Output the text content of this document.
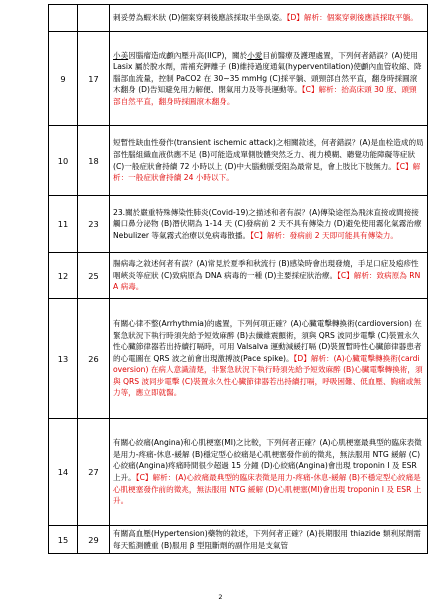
		刺妥勞為蝦米狀 (D)個案穿刺後應該採取半坐臥姿。【D】解析：個案穿刺後應該採取平躺。
9	17	小美因腦瘤造成顱內壓升高(IICP)，關於小愛目前醫療及護理處置，下列何者錯誤？(A)使用 Lasix 屬於脫水劑，需補充鉀離子 (B)維持過度通氣(hyperventilation)使顱內血管收縮、降腦部血流量，控制 PaCO2 在 30~35 mmHg (C)採平躺、頭頸部自然平直，翻身時採圓滾木翻身 (D)告知避免用力解便、閉氣用力及等長運動等。【C】解析：抬高床頭 30 度、頭頸部自然平直，翻身時採圓滾木翻身。
10	18	短暫性缺血性發作(transient ischemic attack)之相關敘述，何者錯誤？(A)是血栓造成的局部性腦組織血液供應不足 (B)可能造成單側肢體突然乏力、視力模糊、聽覺功能障礙等症狀 (C)一般症狀會持續 72 小時以上 (D)中大腦動脈受阻為最常見，會上肢比下肢無力。【C】解析：一般症狀會持續 24 小時以下。
11	23	23.關於嚴重特殊傳染性肺炎(Covid-19)之描述和者有誤？(A)傳染途徑為飛沫直接或間接接觸口鼻分泌物 (B)潛伏期為 1-14 天 (C)發病前 2 天不具有傳染力 (D)避免使用霧化氣霧治療 Nebulizer 等氣霧式治療以免病毒散播。【C】解析：發病前 2 天即可能具有傳染力。
12	25	腸病毒之敘述何者有誤？(A)常見於夏季和秋流行 (B)感染時會出現發燒，手足口症及疱疹性咽峽炎等症狀 (C)致病原為 DNA 病毒的一種 (D)主要採症狀治療。【C】解析：致病原為 RNA 病毒。
13	26	有關心律不整(Arrhythmia)的處置，下列何項正確？(A)心臟電擊轉換術(cardioversion) 在緊急狀況下執行時須先給予短效麻醉 (B)去纖維震顫術，須與 QRS 波同步電擊 (C)裝置永久性心臟節律器若出持續打嗝時，可用 Valsalva 運動減緩打嗝 (D)裝置暫時性心臟節律器患者的心電圖在 QRS 波之前會出現激搏波(Pace spike)。【D】解析：(A)心臟電擊轉換術(cardioversion) 在病人意識清楚，非緊急狀況下執行時須先給予短效麻醉 (B)心臟電擊轉換術，須與 QRS 波同步電擊 (C)裝置永久性心臟節律器若出持續打嗝，呼吸困難、低血壓、胸痛或無力等，應立即就醫。
14	27	有關心絞痛(Angina)和心肌梗塞(MI)之比較，下列何者正確？(A)心肌梗塞最典型的臨床表徵是用力-疼痛-休息-緩解 (B)穩定型心絞痛是心肌梗塞發作前的徵兆，無法服用 NTG 緩解 (C)心絞痛(Angina)疼痛時間很少超過 15 分鐘 (D)心絞痛(Angina)會出現 troponin I 及 ESR 上升。【C】解析：(A)心絞痛最典型的臨床表徵是用力-疼痛-休息-緩解 (B)不穩定型心絞痛是心肌梗塞發作前的徵兆，無法服用 NTG 緩解 (D)心肌梗塞(MI)會出現 troponin I 及 ESR 上升。
15	29	有關高血壓(Hypertension)藥物的敘述，下列何者正確？(A)長期服用 thiazide 類利尿劑需每天監測體重 (B)服用 β 型阻斷劑的副作用是支氣管
2
